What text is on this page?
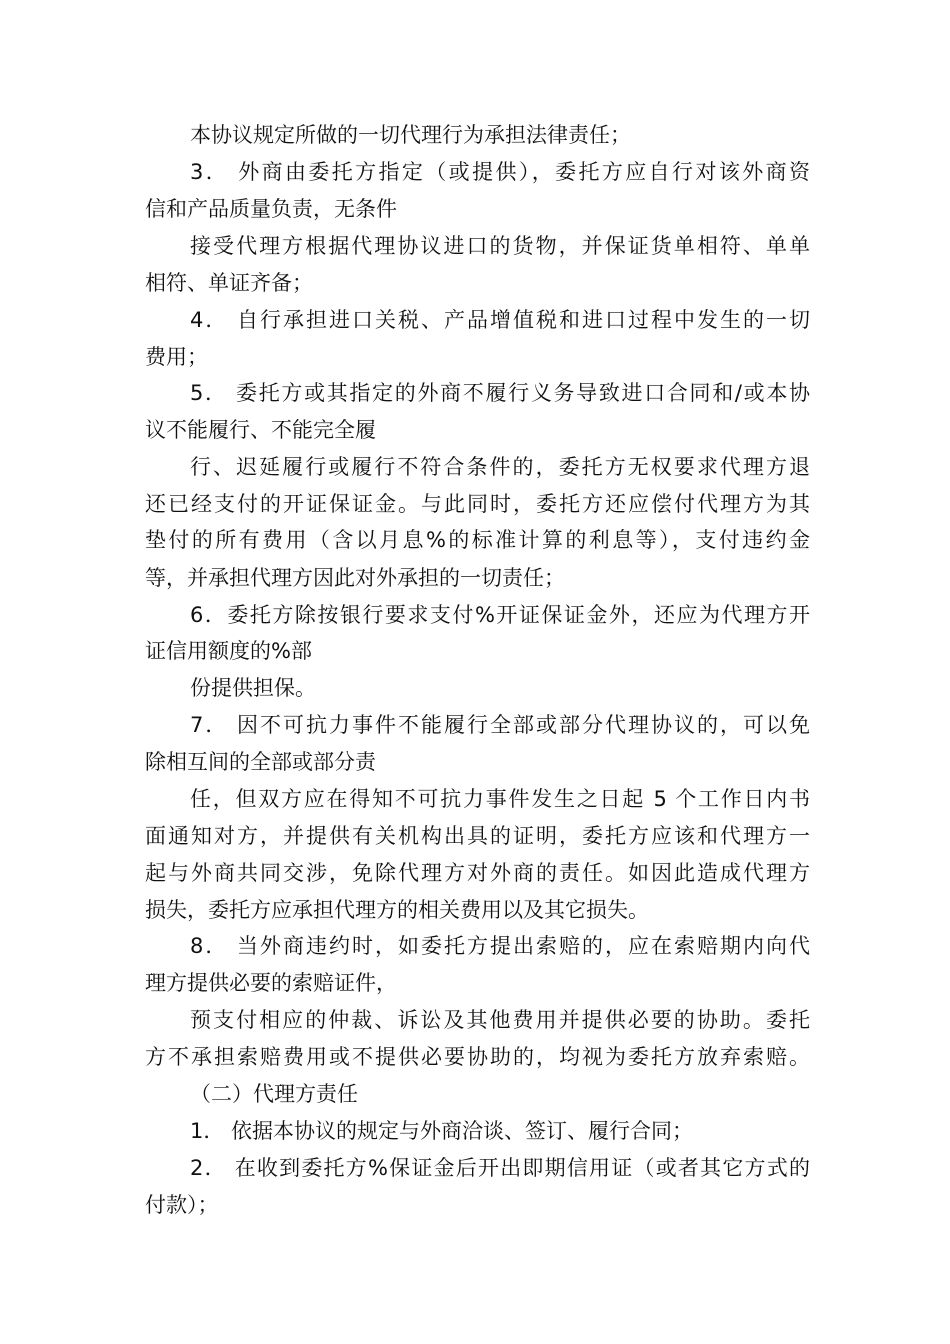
本协议规定所做的一切代理行为承担法律责任；
3． 外商由委托方指定（或提供），委托方应自行对该外商资
信和产品质量负责，无条件
接受代理方根据代理协议进口的货物，并保证货单相符、单单
相符、单证齐备；
4． 自行承担进口关税、产品增值税和进口过程中发生的一切
费用；
5． 委托方或其指定的外商不履行义务导致进口合同和/或本协
议不能履行、不能完全履
行、迟延履行或履行不符合条件的，委托方无权要求代理方退
还已经支付的开证保证金。与此同时，委托方还应偿付代理方为其
垫付的所有费用（含以月息%的标准计算的利息等），支付违约金
等，并承担代理方因此对外承担的一切责任；
6．委托方除按银行要求支付%开证保证金外，还应为代理方开
证信用额度的%部
份提供担保。
7． 因不可抗力事件不能履行全部或部分代理协议的，可以免
除相互间的全部或部分责
任，但双方应在得知不可抗力事件发生之日起 5 个工作日内书
面通知对方，并提供有关机构出具的证明，委托方应该和代理方一
起与外商共同交涉，免除代理方对外商的责任。如因此造成代理方
损失，委托方应承担代理方的相关费用以及其它损失。
8． 当外商违约时，如委托方提出索赔的，应在索赔期内向代
理方提供必要的索赔证件，
预支付相应的仲裁、诉讼及其他费用并提供必要的协助。委托
方不承担索赔费用或不提供必要协助的，均视为委托方放弃索赔。
（二）代理方责任
1． 依据本协议的规定与外商洽谈、签订、履行合同；
2． 在收到委托方%保证金后开出即期信用证（或者其它方式的
付款）；
